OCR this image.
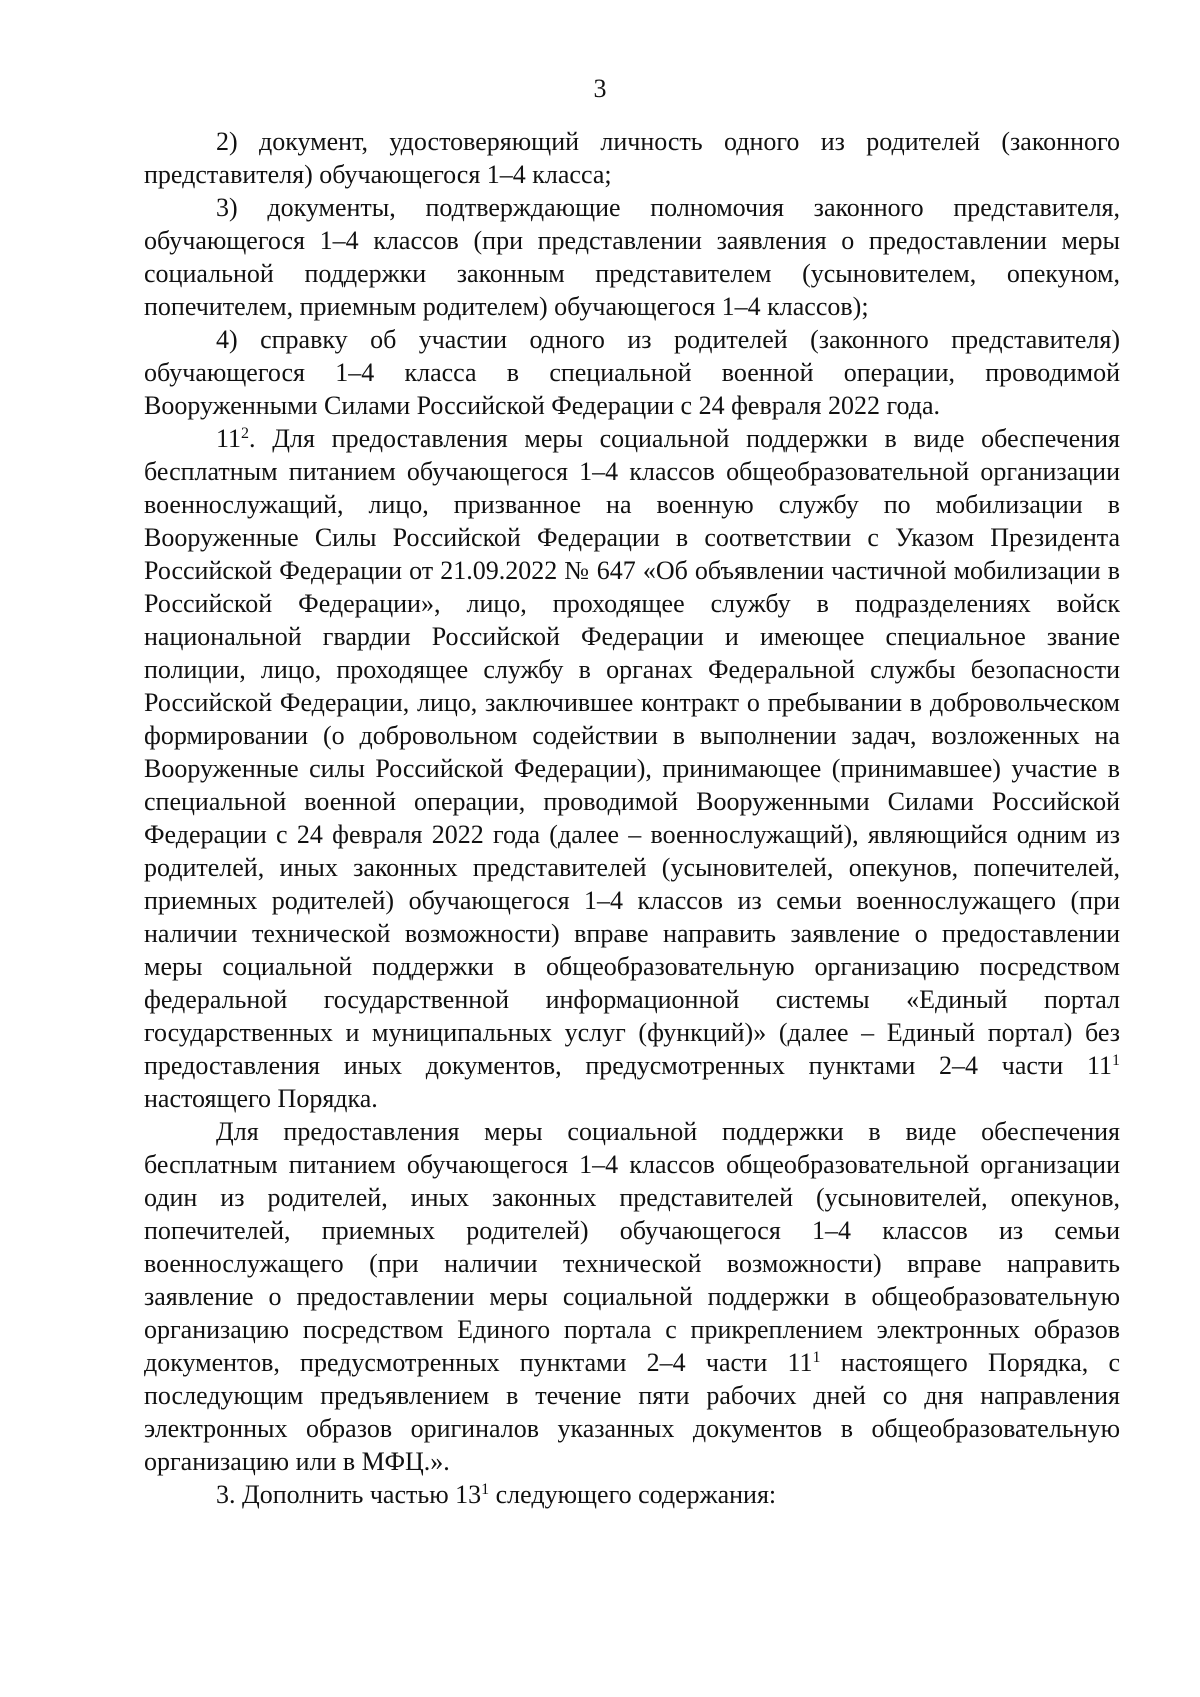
3

2) документ, удостоверяющий личность одного из родителей (законного представителя) обучающегося 1–4 класса;

3) документы, подтверждающие полномочия законного представителя, обучающегося 1–4 классов (при представлении заявления о предоставлении меры социальной поддержки законным представителем (усыновителем, опекуном, попечителем, приемным родителем) обучающегося 1–4 классов);

4) справку об участии одного из родителей (законного представителя) обучающегося 1–4 класса в специальной военной операции, проводимой Вооруженными Силами Российской Федерации с 24 февраля 2022 года.

$11^2$. Для предоставления меры социальной поддержки в виде обеспечения бесплатным питанием обучающегося 1–4 классов общеобразовательной организации военнослужащий, лицо, призванное на военную службу по мобилизации в Вооруженные Силы Российской Федерации в соответствии с Указом Президента Российской Федерации от 21.09.2022 № 647 «Об объявлении частичной мобилизации в Российской Федерации», лицо, проходящее службу в подразделениях войск национальной гвардии Российской Федерации и имеющее специальное звание полиции, лицо, проходящее службу в органах Федеральной службы безопасности Российской Федерации, лицо, заключившее контракт о пребывании в добровольческом формировании (о добровольном содействии в выполнении задач, возложенных на Вооруженные силы Российской Федерации), принимающее (принимавшее) участие в специальной военной операции, проводимой Вооруженными Силами Российской Федерации с 24 февраля 2022 года (далее – военнослужащий), являющийся одним из родителей, иных законных представителей (усыновителей, опекунов, попечителей, приемных родителей) обучающегося 1–4 классов из семьи военнослужащего (при наличии технической возможности) вправе направить заявление о предоставлении меры социальной поддержки в общеобразовательную организацию посредством федеральной государственной информационной системы «Единый портал государственных и муниципальных услуг (функций)» (далее – Единый портал) без предоставления иных документов, предусмотренных пунктами 2–4 части $11^1$ настоящего Порядка.

Для предоставления меры социальной поддержки в виде обеспечения бесплатным питанием обучающегося 1–4 классов общеобразовательной организации один из родителей, иных законных представителей (усыновителей, опекунов, попечителей, приемных родителей) обучающегося 1–4 классов из семьи военнослужащего (при наличии технической возможности) вправе направить заявление о предоставлении меры социальной поддержки в общеобразовательную организацию посредством Единого портала с прикреплением электронных образов документов, предусмотренных пунктами 2–4 части $11^1$ настоящего Порядка, с последующим предъявлением в течение пяти рабочих дней со дня направления электронных образов оригиналов указанных документов в общеобразовательную организацию или в МФЦ.».

3. Дополнить частью $13^1$ следующего содержания:
